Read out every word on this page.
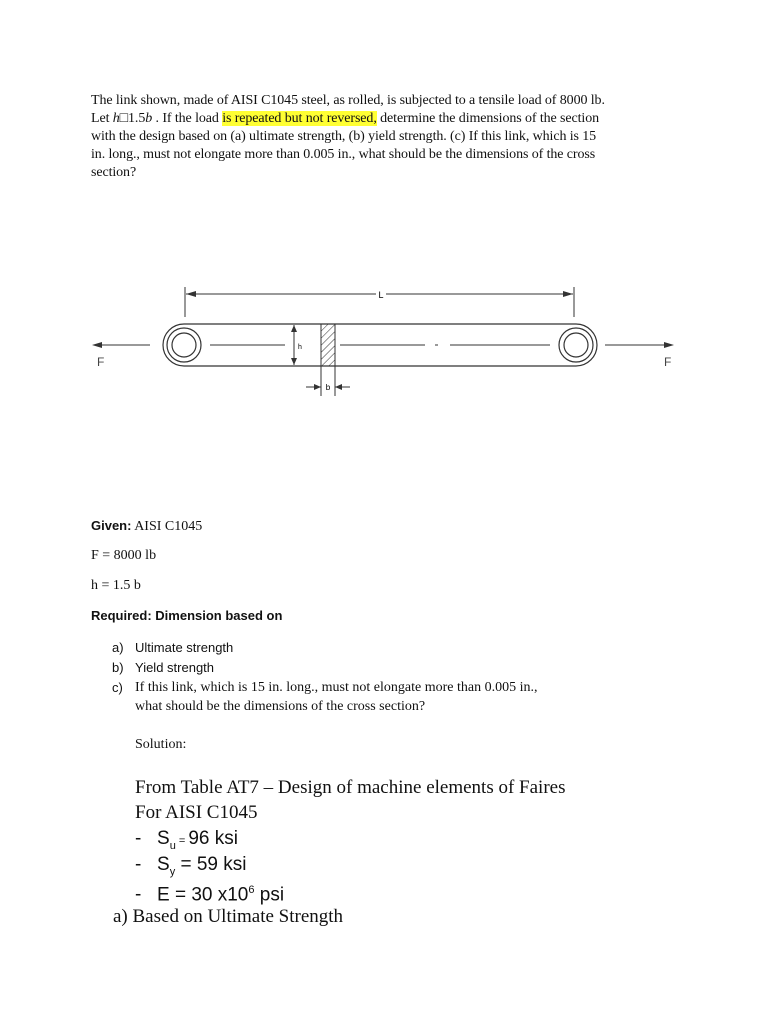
The link shown, made of AISI C1045 steel, as rolled, is subjected to a tensile load of 8000 lb. Let h□1.5b . If the load is repeated but not reversed, determine the dimensions of the section with the design based on (a) ultimate strength, (b) yield strength. (c) If this link, which is 15 in. long., must not elongate more than 0.005 in., what should be the dimensions of the cross section?
L
h
b
F	F
Given: AISI C1045
F = 8000 lb
h = 1.5 b
Required: Dimension based on
a) Ultimate strength
b) Yield strength
c) If this link, which is 15 in. long., must not elongate more than 0.005 in., what should be the dimensions of the cross section?
Solution:
From Table AT7 – Design of machine elements of Faires
For AISI C1045
- $S_u = 96$ ksi
- $S_y = 59$ ksi
- E = 30 $x10^6$ psi
a) Based on Ultimate Strength
